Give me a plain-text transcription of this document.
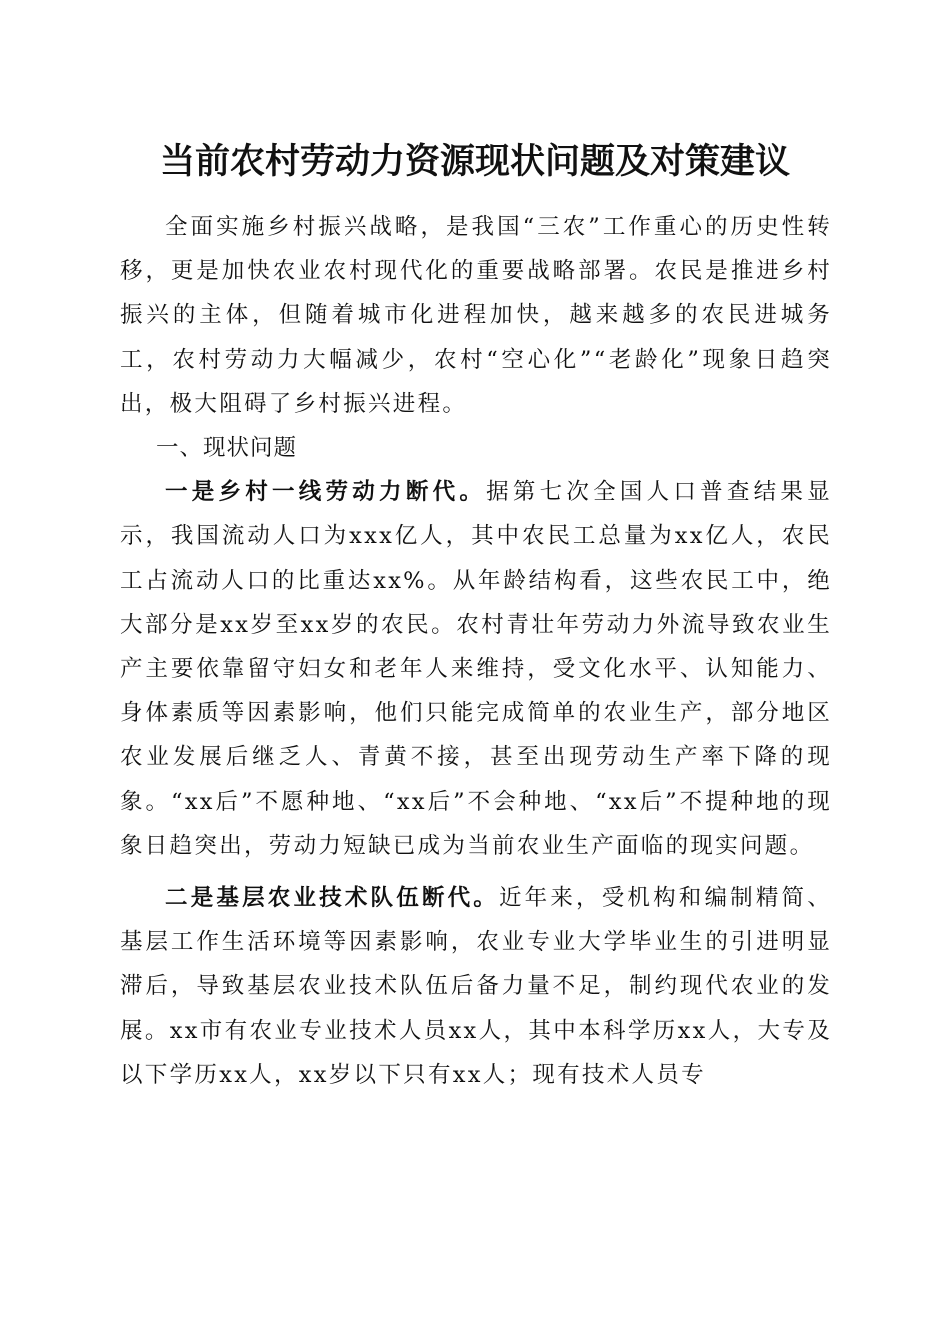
当前农村劳动力资源现状问题及对策建议

全面实施乡村振兴战略，是我国“三农”工作重心的历史性转移，更是加快农业农村现代化的重要战略部署。农民是推进乡村振兴的主体，但随着城市化进程加快，越来越多的农民进城务工，农村劳动力大幅减少，农村“空心化”“老龄化”现象日趋突出，极大阻碍了乡村振兴进程。

一、现状问题

一是乡村一线劳动力断代。据第七次全国人口普查结果显示，我国流动人口为xxx亿人，其中农民工总量为xx亿人，农民工占流动人口的比重达xx%。从年龄结构看，这些农民工中，绝大部分是xx岁至xx岁的农民。农村青壮年劳动力外流导致农业生产主要依靠留守妇女和老年人来维持，受文化水平、认知能力、身体素质等因素影响，他们只能完成简单的农业生产，部分地区农业发展后继乏人、青黄不接，甚至出现劳动生产率下降的现象。“xx后”不愿种地、“xx后”不会种地、“xx后”不提种地的现象日趋突出，劳动力短缺已成为当前农业生产面临的现实问题。

二是基层农业技术队伍断代。近年来，受机构和编制精简、基层工作生活环境等因素影响，农业专业大学毕业生的引进明显滞后，导致基层农业技术队伍后备力量不足，制约现代农业的发展。xx市有农业专业技术人员xx人，其中本科学历xx人，大专及以下学历xx人，xx岁以下只有xx人；现有技术人员专
